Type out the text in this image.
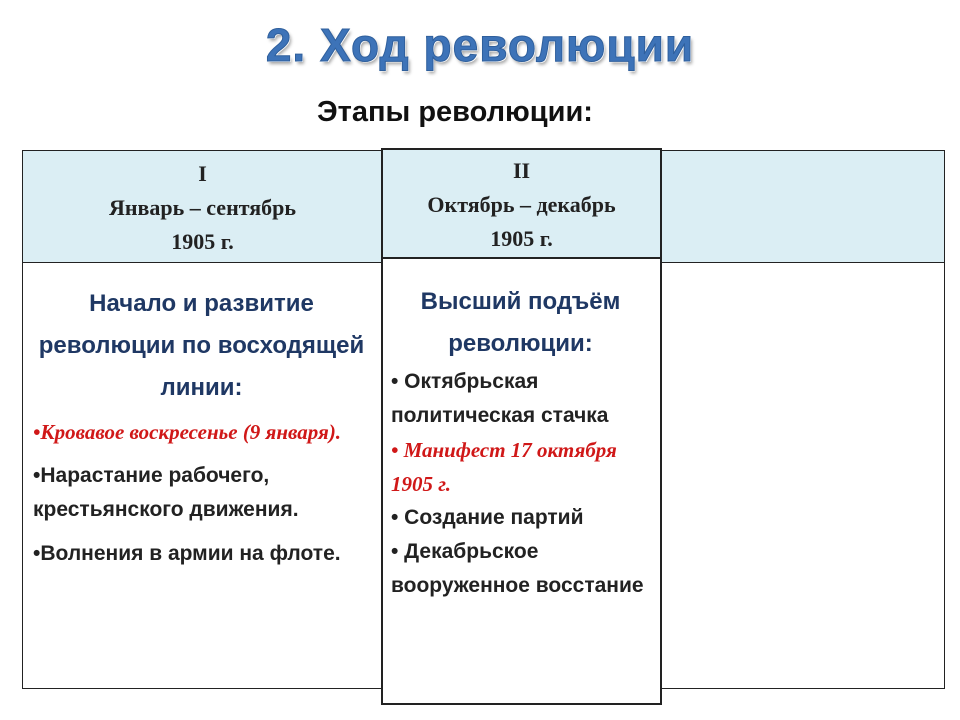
2. Ход революции
Этапы революции:
I
Январь – сентябрь
1905 г.
Начало и развитие революции по восходящей линии:
•Кровавое воскресенье (9 января).
•Нарастание рабочего, крестьянского движения.
•Волнения в армии на флоте.
II
Октябрь – декабрь
1905 г.
Высший подъём революции:
• Октябрьская политическая стачка
• Манифест 17 октября 1905 г.
• Создание партий
• Декабрьское вооруженное восстание
